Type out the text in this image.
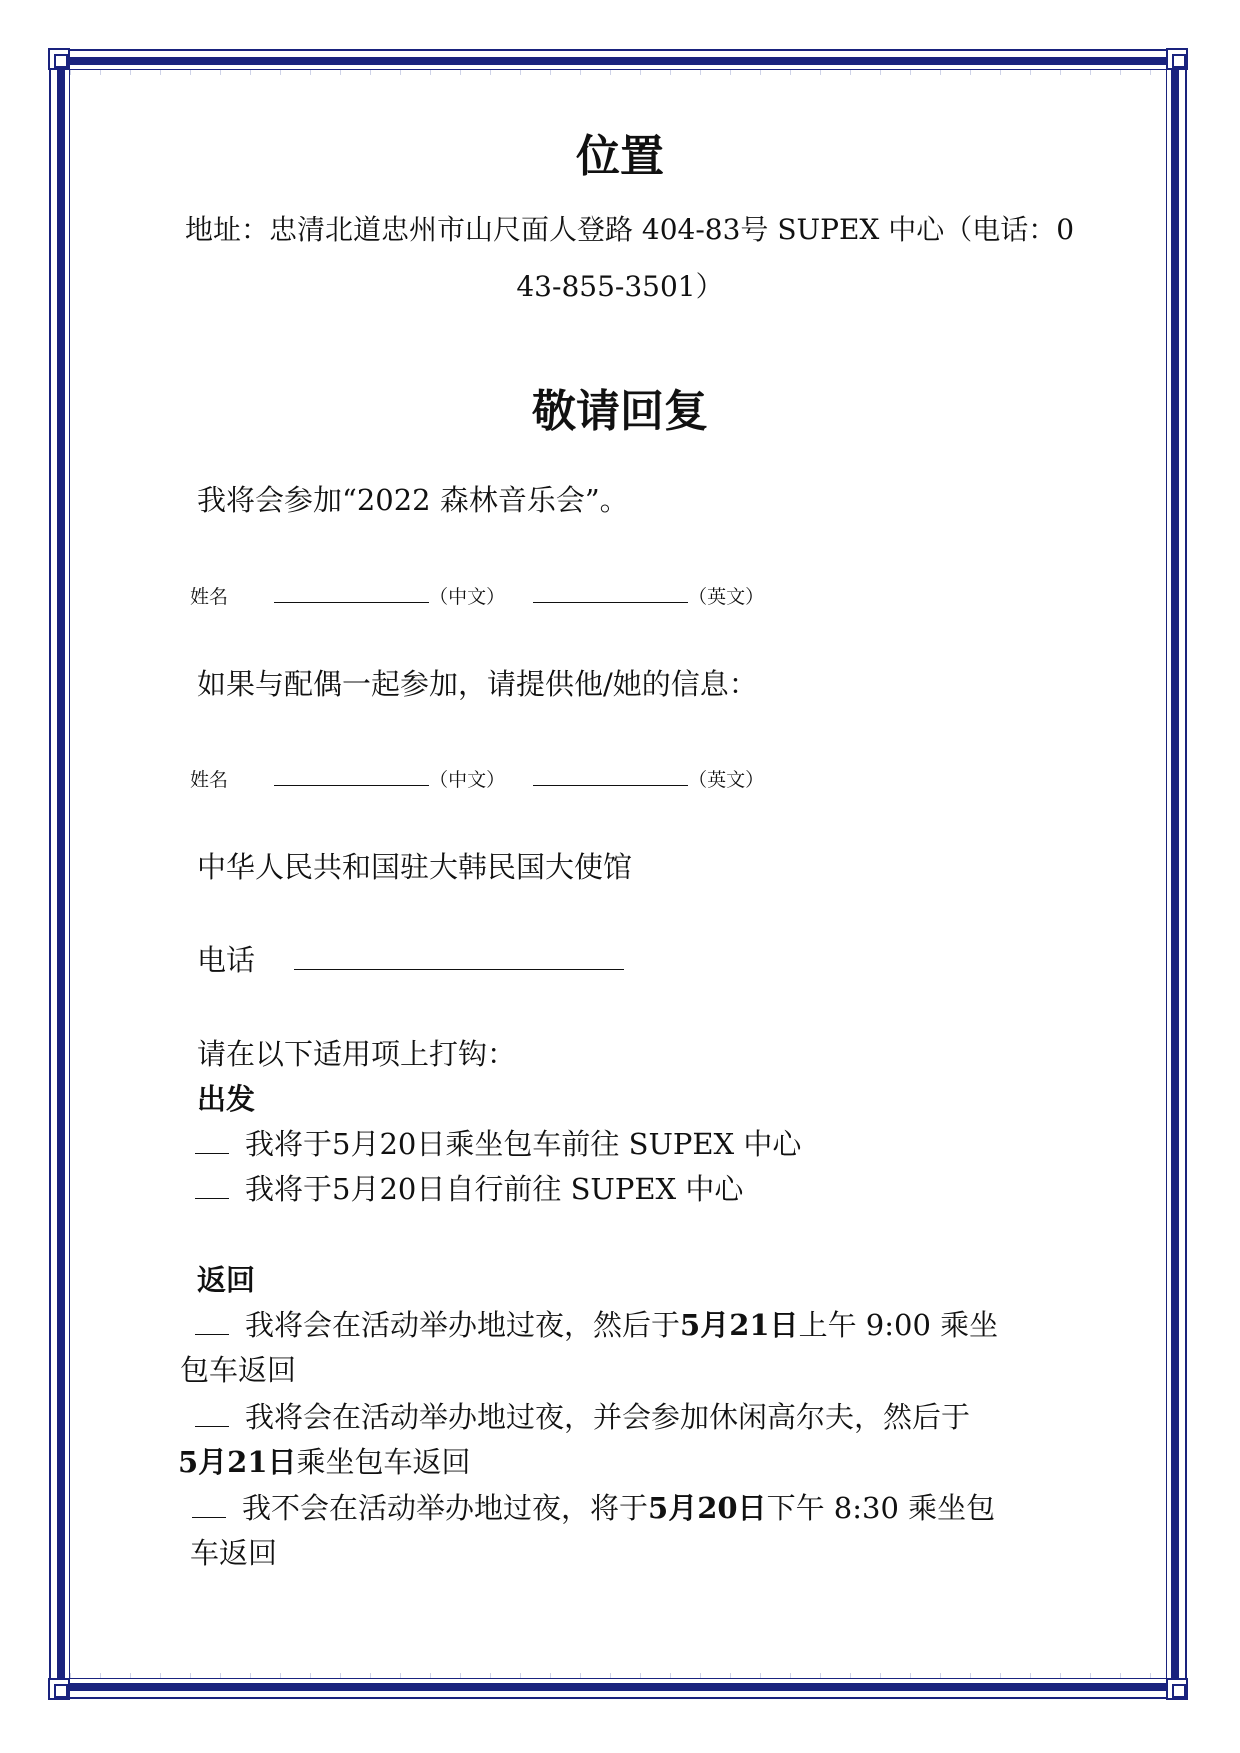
位置
地址：忠清北道忠州市山尺面人登路 404-83号 SUPEX 中心（电话：0
43-855-3501）
敬请回复
我将会参加“2022 森林音乐会”。
姓名	（中文）	（英文）
如果与配偶一起参加，请提供他/她的信息：
姓名	（中文）	（英文）
中华人民共和国驻大韩民国大使馆
电话
请在以下适用项上打钩：
出发
我将于5月20日乘坐包车前往 SUPEX 中心
我将于5月20日自行前往 SUPEX 中心
返回
我将会在活动举办地过夜，然后于5月21日上午 9:00 乘坐
包车返回
我将会在活动举办地过夜，并会参加休闲高尔夫，然后于
5月21日乘坐包车返回
我不会在活动举办地过夜，将于5月20日下午 8:30 乘坐包
车返回
